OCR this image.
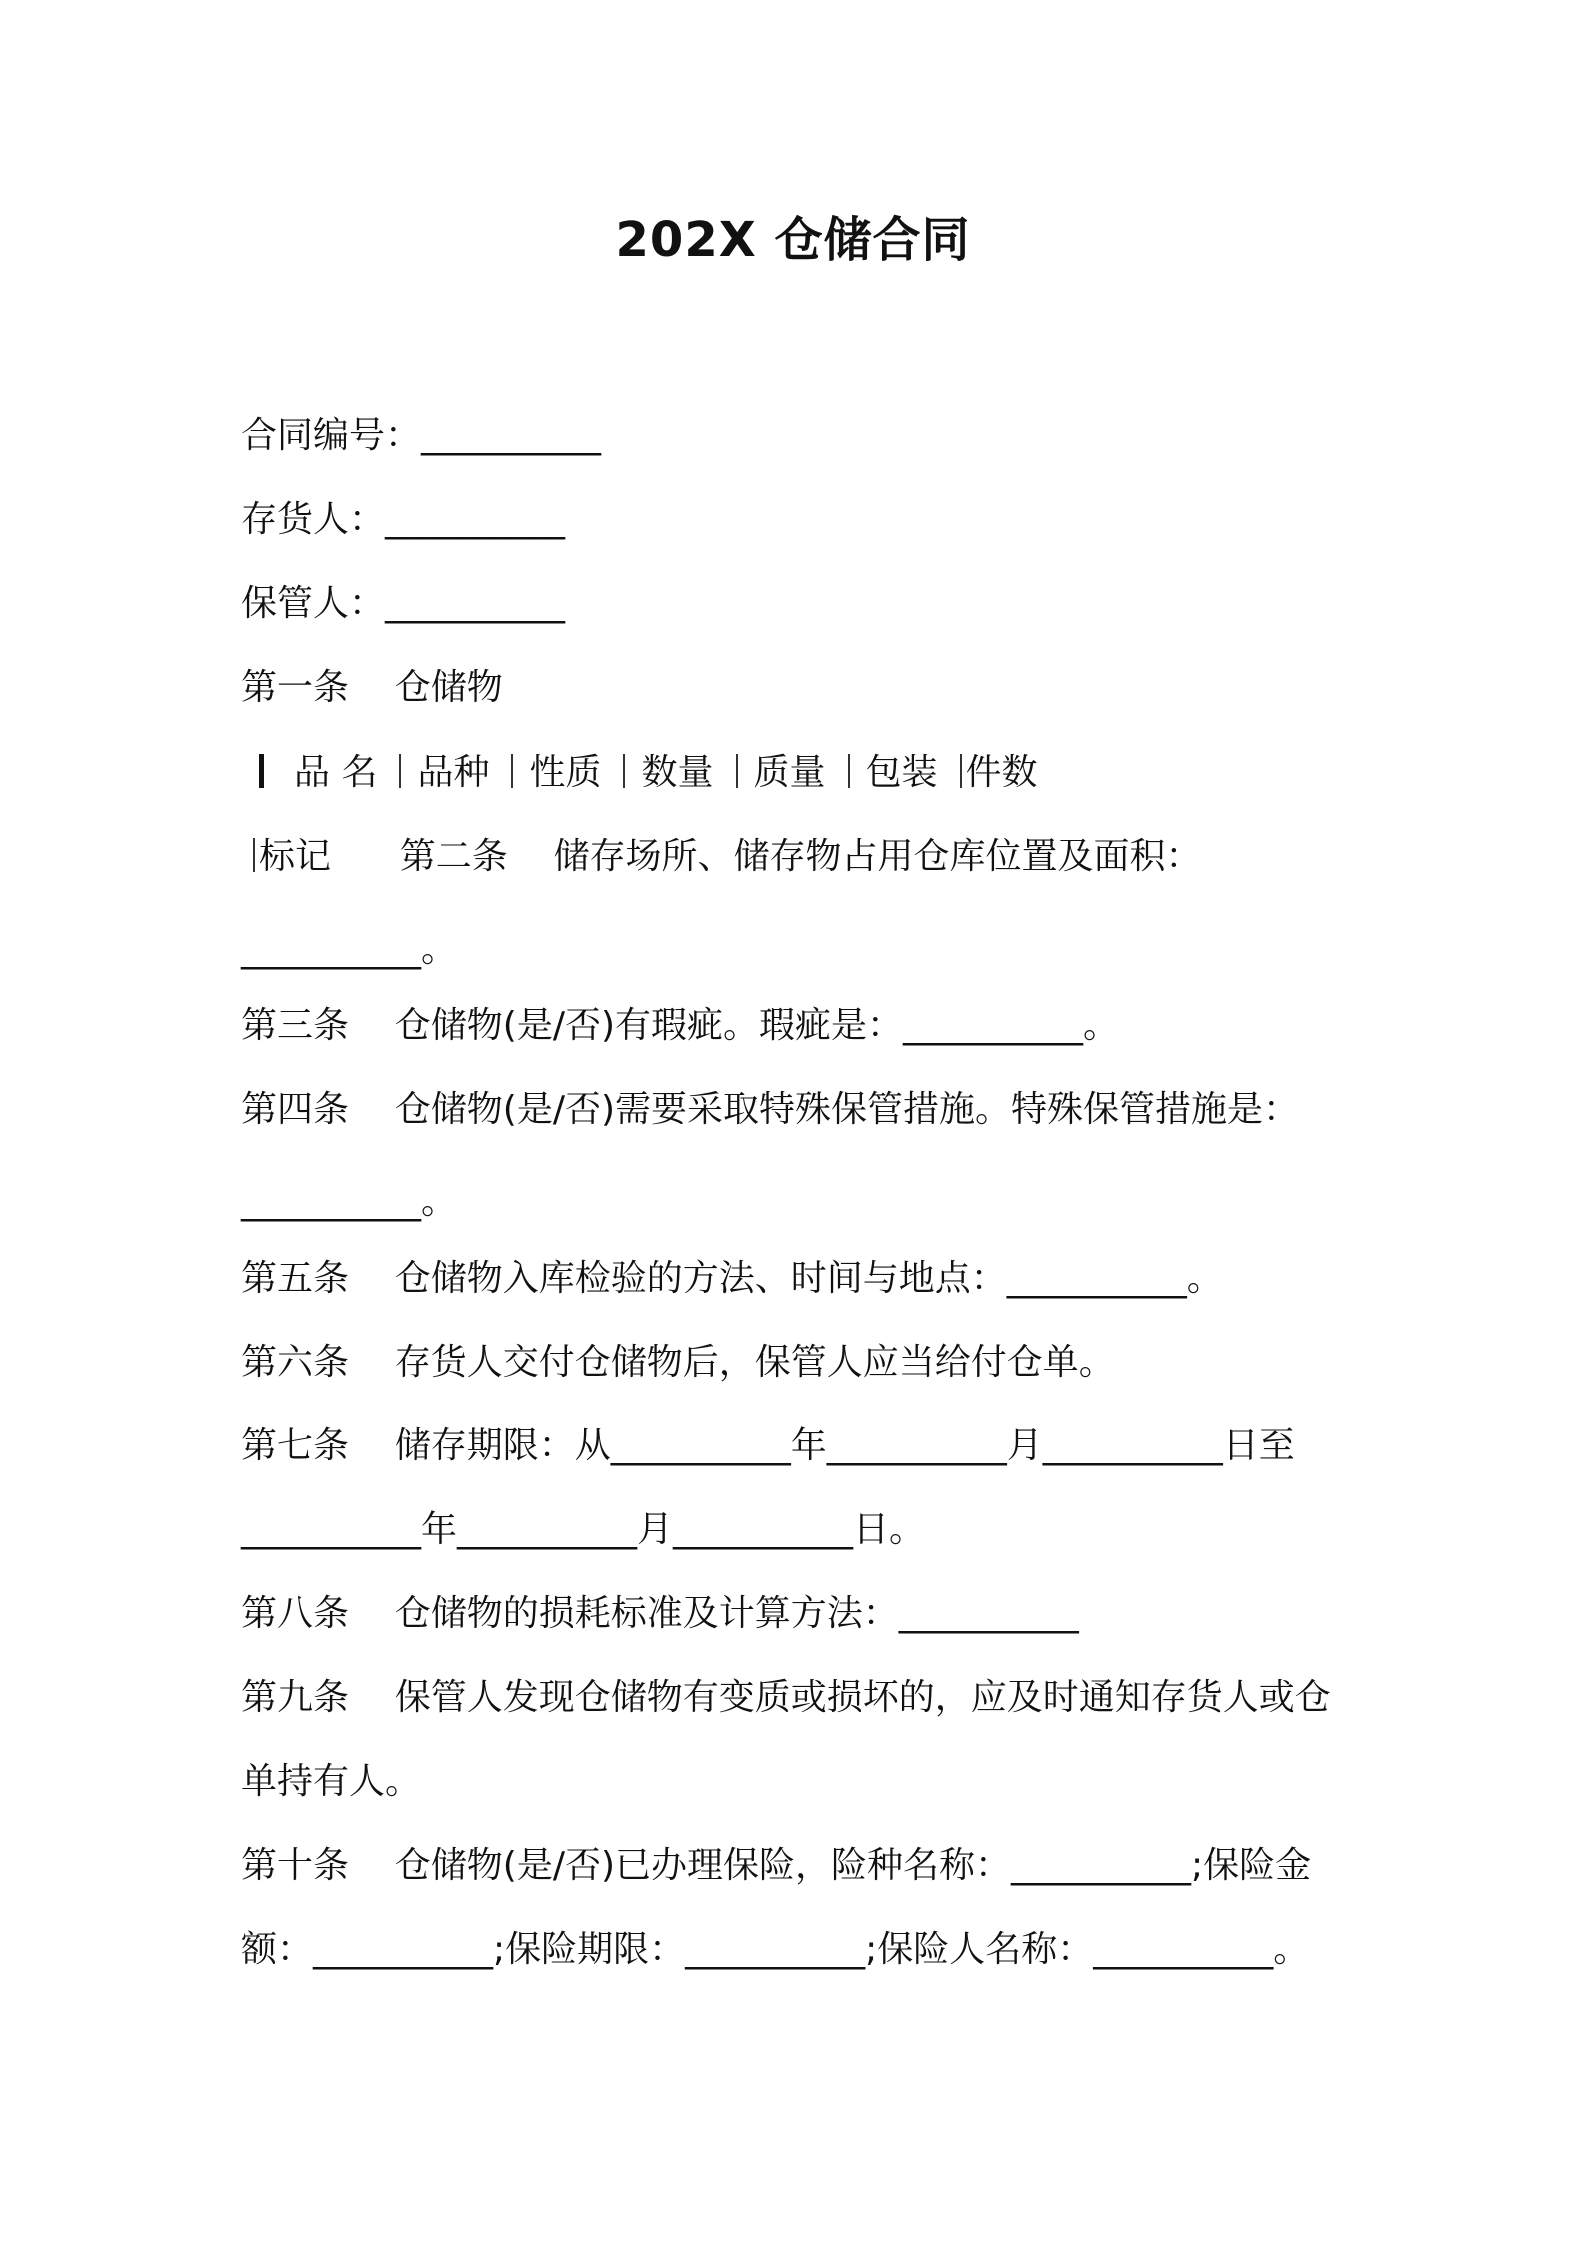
202X 仓储合同
合同编号：__________
存货人：__________
保管人：__________
第一条    仓储物
品 名 品种 性质 数量 质量 包装 件数
标记 第二条    储存场所、储存物占用仓库位置及面积：
__________。
第三条    仓储物(是/否)有瑕疵。瑕疵是：__________。
第四条    仓储物(是/否)需要采取特殊保管措施。特殊保管措施是：
__________。
第五条    仓储物入库检验的方法、时间与地点：__________。
第六条    存货人交付仓储物后，保管人应当给付仓单。
第七条    储存期限：从__________年__________月__________日至
__________年__________月__________日。
第八条    仓储物的损耗标准及计算方法：__________
第九条    保管人发现仓储物有变质或损坏的，应及时通知存货人或仓
单持有人。
第十条    仓储物(是/否)已办理保险，险种名称：__________;保险金
额：__________;保险期限：__________;保险人名称：__________。
